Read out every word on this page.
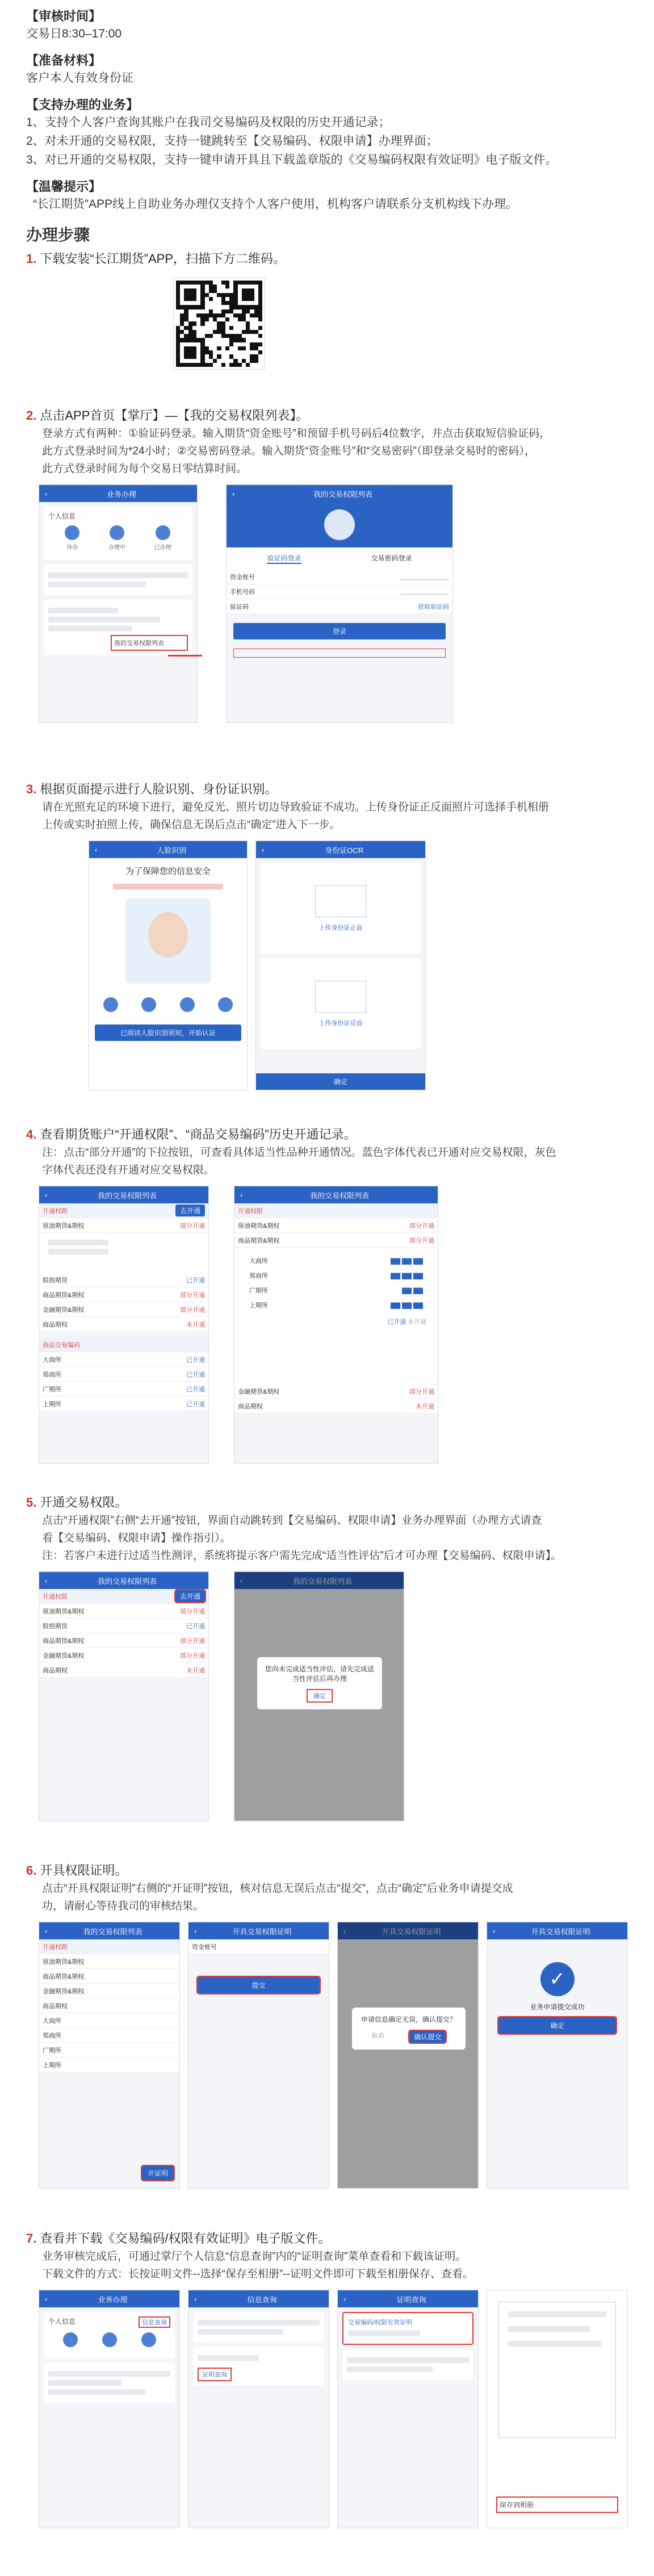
【审核时间】
交易日8:30–17:00
【准备材料】
客户本人有效身份证
【支持办理的业务】
1、支持个人客户查询其账户在我司交易编码及权限的历史开通记录；
2、对未开通的交易权限，支持一键跳转至【交易编码、权限申请】办理界面；
3、对已开通的交易权限，支持一键申请开具且下载盖章版的《交易编码权限有效证明》电子版文件。
【温馨提示】
“长江期货”APP线上自助业务办理仅支持个人客户使用，机构客户请联系分支机构线下办理。
办理步骤
1. 下载安装“长江期货”APP，扫描下方二维码。
2. 点击APP首页【掌厅】—【我的交易权限列表】。
登录方式有两种：①验证码登录。输入期货“资金账号”和预留手机号码后4位数字，并点击获取短信验证码，
此方式登录时间为*24小时；②交易密码登录。输入期货“资金账号”和“交易密码”（即登录交易时的密码），
此方式登录时间为每个交易日零结算时间。
‹	业务办理
个人信息
待办	办理中	已办理
我的交易权限列表
‹	我的交易权限列表
验证码登录	交易密码登录
资金账号	______________
手机号码	______________
验证码	获取验证码
登录
3. 根据页面提示进行人脸识别、身份证识别。
请在光照充足的环境下进行，避免反光、照片切边导致验证不成功。上传身份证正反面照片可选择手机相册
上传或实时拍照上传，确保信息无误后点击“确定”进入下一步。
‹	人脸识别
为了保障您的信息安全
已阅读人脸识别须知，开始认证
‹	身份证OCR
上传身份证正面
上传身份证反面
确定
4. 查看期货账户“开通权限”、“商品交易编码”历史开通记录。
注：点击“部分开通”的下拉按钮，可查看具体适当性品种开通情况。蓝色字体代表已开通对应交易权限，灰色
字体代表还没有开通对应交易权限。
‹	我的交易权限列表
开通权限	去开通
原油期货&期权	部分开通
股指期货	已开通
商品期货&期权	部分开通
金融期货&期权	部分开通
商品期权	未开通
商品交易编码
大商所	已开通
郑商所	已开通
广期所	已开通
上期所	已开通
‹	我的交易权限列表
开通权限
原油期货&期权	部分开通
商品期货&期权	部分开通
大商所	▇▇ ▇▇ ▇▇
郑商所	▇▇ ▇▇ ▇▇
广期所	▇▇ ▇▇
上期所	▇▇ ▇▇ ▇▇
已开通 未开通
金融期货&期权	部分开通
商品期权	未开通
5. 开通交易权限。
点击“开通权限”右侧“去开通”按钮，界面自动跳转到【交易编码、权限申请】业务办理界面（办理方式请查
看【交易编码、权限申请】操作指引）。
注：若客户未进行过适当性测评，系统将提示客户需先完成“适当性评估”后才可办理【交易编码、权限申请】。
‹	我的交易权限列表
开通权限	去开通
原油期货&期权	部分开通
股指期货	已开通
商品期货&期权	部分开通
金融期货&期权	部分开通
商品期权	未开通
‹	我的交易权限列表
您尚未完成适当性评估，请先完成适当性评估后再办理
确定
6. 开具权限证明。
点击“开具权限证明”右侧的“开证明”按钮，核对信息无误后点击“提交”，点击“确定”后业务申请提交成
功，请耐心等待我司的审核结果。
‹	我的交易权限列表
开通权限
原油期货&期权
商品期货&期权
金融期货&期权
商品期权
大商所
郑商所
广期所
上期所
开证明
‹	开具交易权限证明
资金账号
提交
‹	开具交易权限证明
申请信息确定无误，确认提交？
取消	确认提交
‹	开具交易权限证明
✓
业务申请提交成功
确定
7. 查看并下载《交易编码/权限有效证明》电子版文件。
业务审核完成后，可通过掌厅个人信息“信息查询”内的“证明查询”菜单查看和下载该证明。
下载文件的方式：长按证明文件--选择“保存至相册”--证明文件即可下载至相册保存、查看。
‹	业务办理
个人信息	信息查询
‹	信息查询
证明查询
‹	证明查询
交易编码/权限有效证明
保存到相册
